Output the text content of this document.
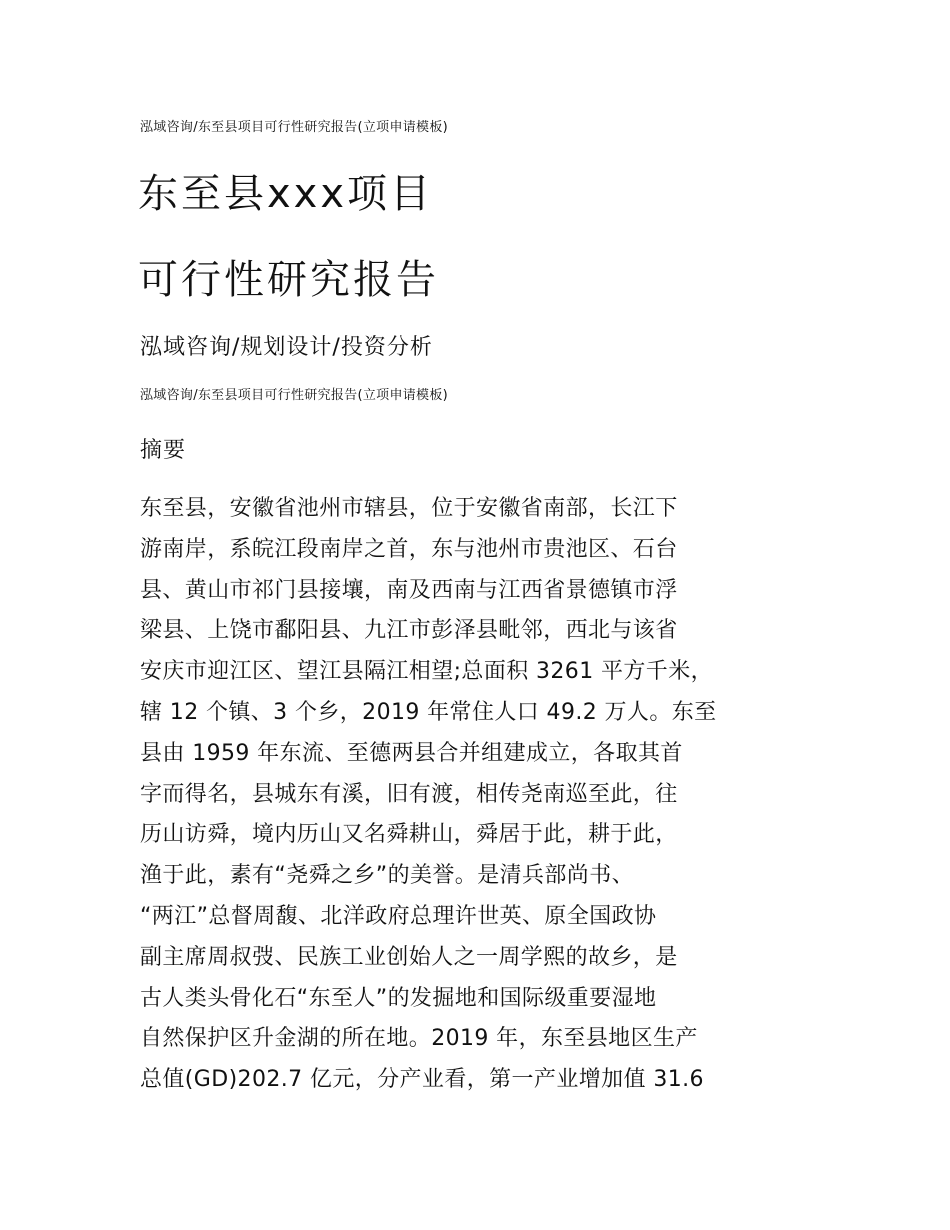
泓域咨询/东至县项目可行性研究报告(立项申请模板)
东至县xxx项目
可行性研究报告
泓域咨询/规划设计/投资分析
泓域咨询/东至县项目可行性研究报告(立项申请模板)
摘要
东至县，安徽省池州市辖县，位于安徽省南部，长江下
游南岸，系皖江段南岸之首，东与池州市贵池区、石台
县、黄山市祁门县接壤，南及西南与江西省景德镇市浮
梁县、上饶市鄱阳县、九江市彭泽县毗邻，西北与该省
安庆市迎江区、望江县隔江相望;总面积 3261 平方千米，
辖 12 个镇、3 个乡，2019 年常住人口 49.2 万人。东至
县由 1959 年东流、至德两县合并组建成立，各取其首
字而得名，县城东有溪，旧有渡，相传尧南巡至此，往
历山访舜，境内历山又名舜耕山，舜居于此，耕于此，
渔于此，素有“尧舜之乡”的美誉。是清兵部尚书、
“两江”总督周馥、北洋政府总理许世英、原全国政协
副主席周叔弢、民族工业创始人之一周学熙的故乡，是
古人类头骨化石“东至人”的发掘地和国际级重要湿地
自然保护区升金湖的所在地。2019 年，东至县地区生产
总值(GD)202.7 亿元，分产业看，第一产业增加值 31.6
